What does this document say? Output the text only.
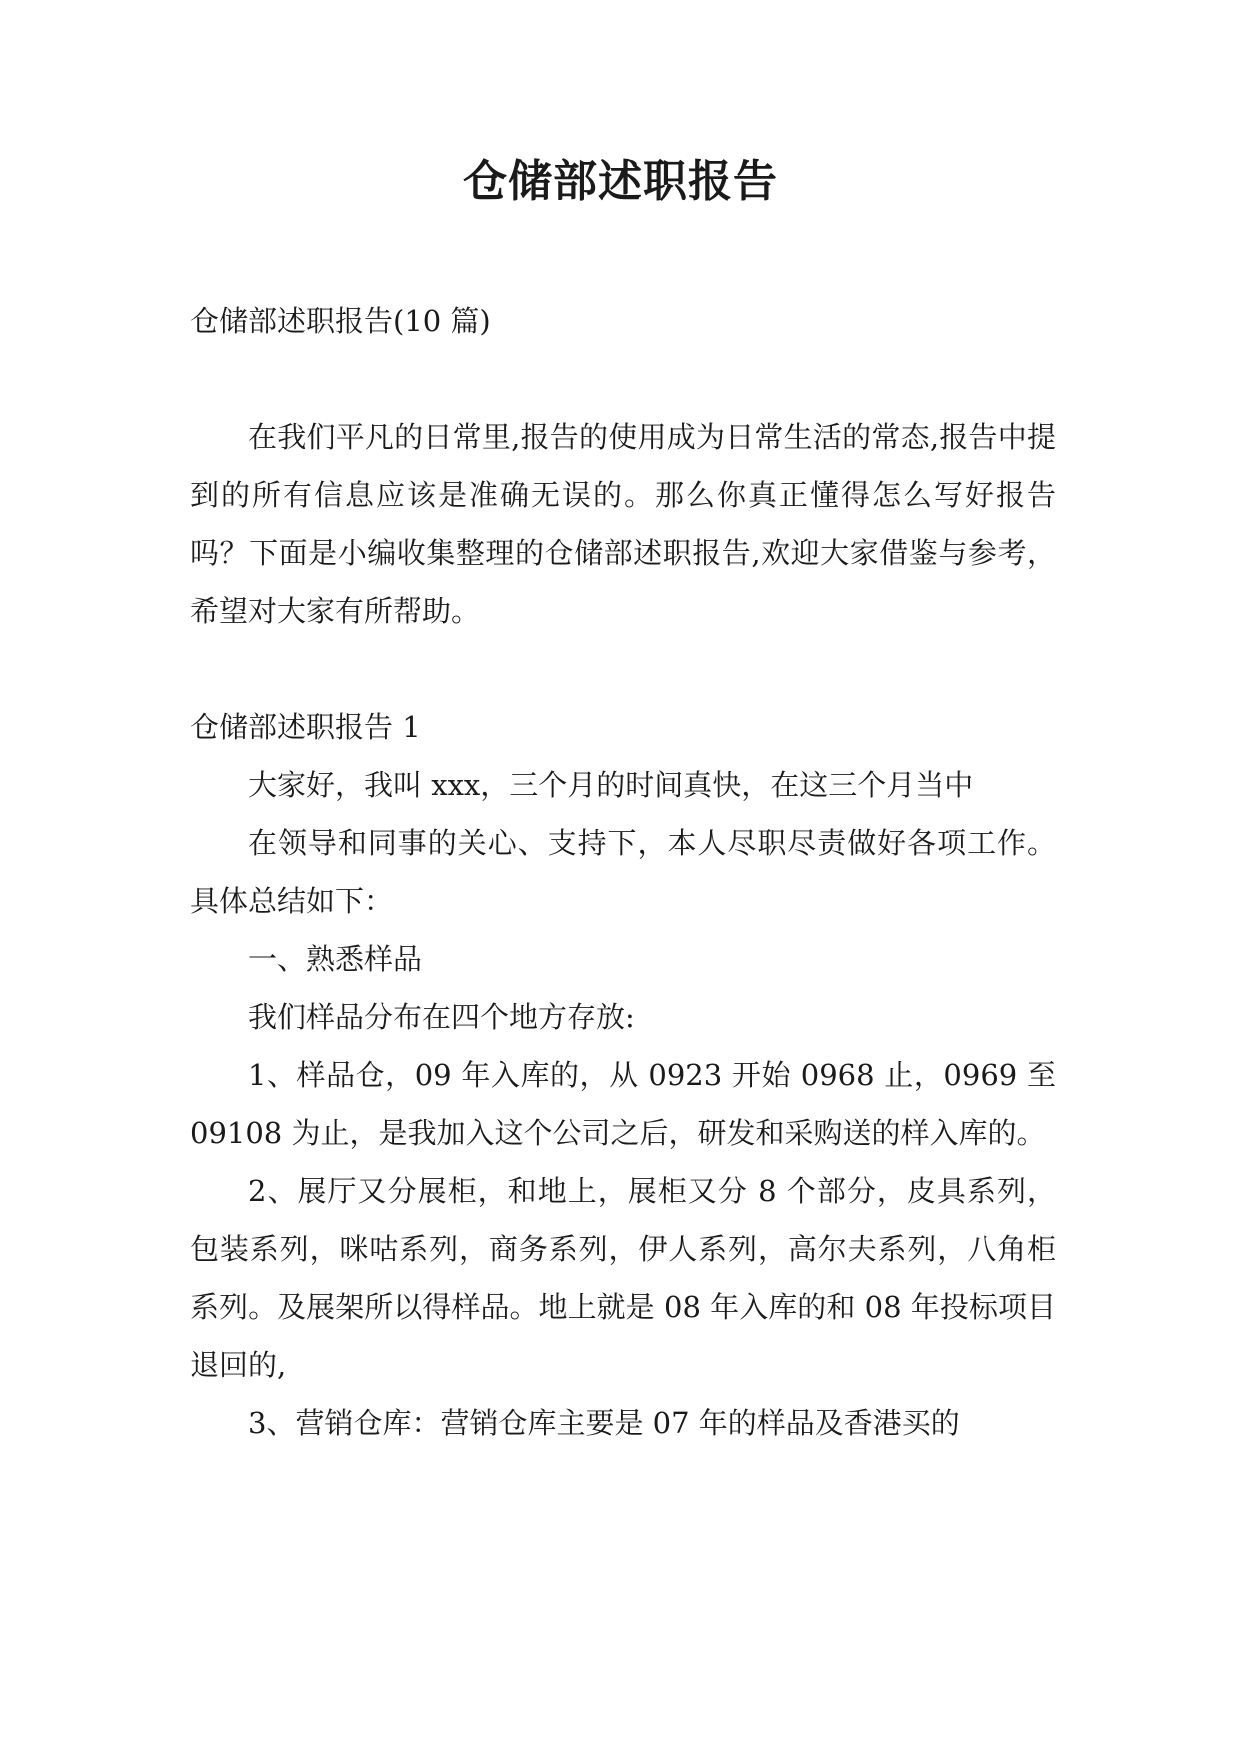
仓储部述职报告

仓储部述职报告(10 篇)

在我们平凡的日常里,报告的使用成为日常生活的常态,报告中提到的所有信息应该是准确无误的。那么你真正懂得怎么写好报告吗？下面是小编收集整理的仓储部述职报告,欢迎大家借鉴与参考，希望对大家有所帮助。

仓储部述职报告 1

大家好，我叫 xxx，三个月的时间真快，在这三个月当中

在领导和同事的关心、支持下，本人尽职尽责做好各项工作。具体总结如下：

一、熟悉样品

我们样品分布在四个地方存放:

1、样品仓，09 年入库的，从 0923 开始 0968 止，0969 至 09108 为止，是我加入这个公司之后，研发和采购送的样入库的。

2、展厅又分展柜，和地上，展柜又分 8 个部分，皮具系列，包装系列，咪咕系列，商务系列，伊人系列，高尔夫系列，八角柜系列。及展架所以得样品。地上就是 08 年入库的和 08 年投标项目退回的,

3、营销仓库：营销仓库主要是 07 年的样品及香港买的
